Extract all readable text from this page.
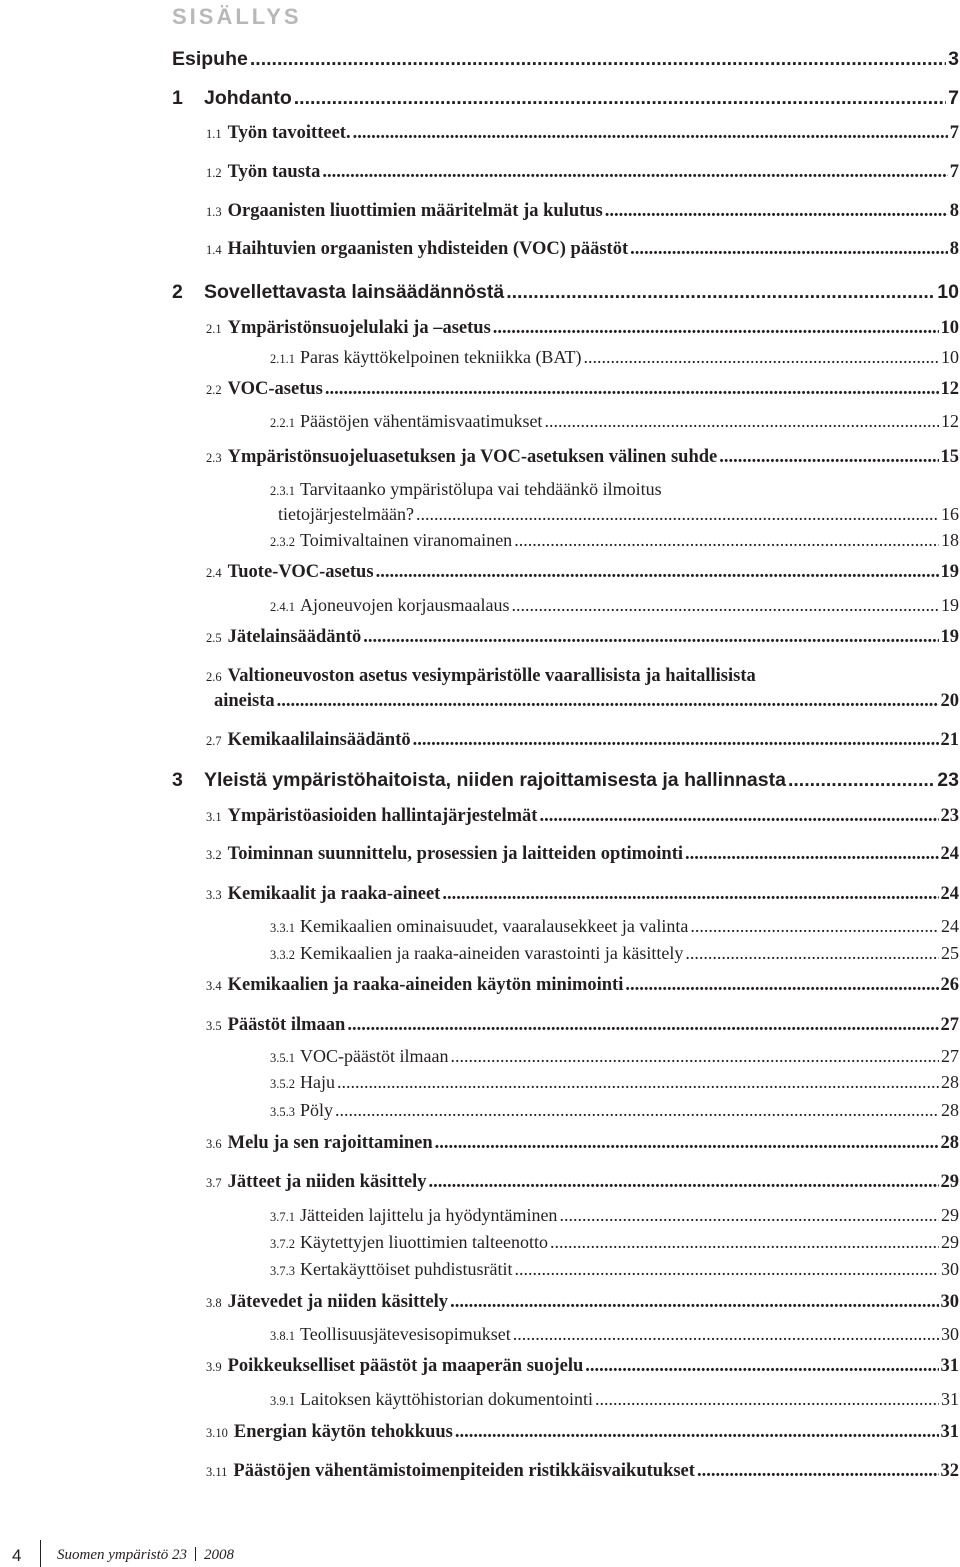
SISÄLLYS
Esipuhe .....	3
1	Johdanto .....	7
1.1 Työn tavoitteet. .....	7
1.2 Työn tausta .....	7
1.3 Orgaanisten liuottimien määritelmät ja kulutus .....	8
1.4 Haihtuvien orgaanisten yhdisteiden (VOC) päästöt .....	8
2	Sovellettavasta lainsäädännöstä .....	10
2.1 Ympäristönsuojelulaki ja –asetus .....	10
2.1.1 Paras käyttökelpoinen tekniikka (BAT) .....	10
2.2 VOC-asetus .....	12
2.2.1 Päästöjen vähentämisvaatimukset .....	12
2.3 Ympäristönsuojeluasetuksen ja VOC-asetuksen välinen suhde .....	15
2.3.1 Tarvitaanko ympäristölupa vai tehdäänkö ilmoitus
tietojärjestelmään? .....	16
2.3.2 Toimivaltainen viranomainen .....	18
2.4 Tuote-VOC-asetus .....	19
2.4.1 Ajoneuvojen korjausmaalaus .....	19
2.5 Jätelainsäädäntö .....	19
2.6 Valtioneuvoston asetus vesiympäristölle vaarallisista ja haitallisista
aineista .....	20
2.7 Kemikaalilainsäädäntö .....	21
3	Yleistä ympäristöhaitoista, niiden rajoittamisesta ja hallinnasta .....	23
3.1 Ympäristöasioiden hallintajärjestelmät .....	23
3.2 Toiminnan suunnittelu, prosessien ja laitteiden optimointi .....	24
3.3 Kemikaalit ja raaka-aineet .....	24
3.3.1 Kemikaalien ominaisuudet, vaaralausekkeet ja valinta .....	24
3.3.2 Kemikaalien ja raaka-aineiden varastointi ja käsittely .....	25
3.4 Kemikaalien ja raaka-aineiden käytön minimointi .....	26
3.5 Päästöt ilmaan .....	27
3.5.1 VOC-päästöt ilmaan .....	27
3.5.2 Haju .....	28
3.5.3 Pöly .....	28
3.6 Melu ja sen rajoittaminen .....	28
3.7 Jätteet ja niiden käsittely .....	29
3.7.1 Jätteiden lajittelu ja hyödyntäminen .....	29
3.7.2 Käytettyjen liuottimien talteenotto .....	29
3.7.3 Kertakäyttöiset puhdistusrätit .....	30
3.8 Jätevedet ja niiden käsittely .....	30
3.8.1 Teollisuusjätevesisopimukset .....	30
3.9 Poikkeukselliset päästöt ja maaperän suojelu .....	31
3.9.1 Laitoksen käyttöhistorian dokumentointi .....	31
3.10 Energian käytön tehokkuus .....	31
3.11 Päästöjen vähentämistoimenpiteiden ristikkäisvaikutukset .....	32
4 Suomen ympäristö 23 2008
